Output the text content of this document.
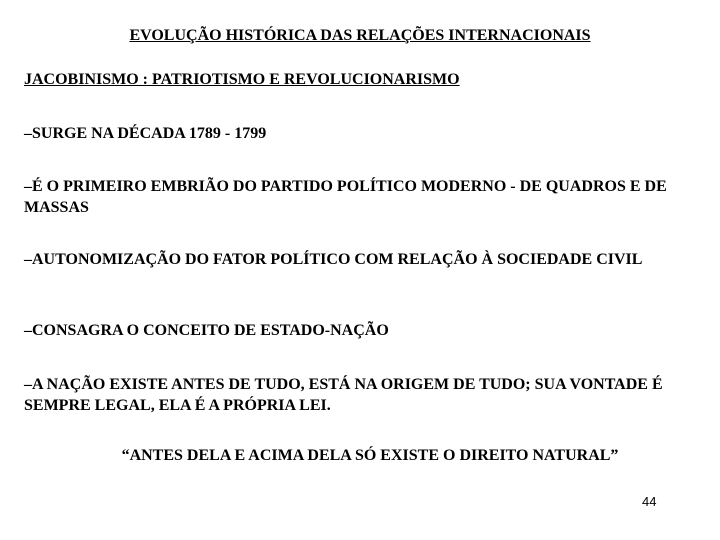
EVOLUÇÃO HISTÓRICA DAS RELAÇÕES INTERNACIONAIS
JACOBINISMO : PATRIOTISMO E REVOLUCIONARISMO
–SURGE NA DÉCADA 1789 - 1799
–É O PRIMEIRO EMBRIÃO DO PARTIDO POLÍTICO MODERNO - DE QUADROS E DE MASSAS
–AUTONOMIZAÇÃO DO FATOR POLÍTICO COM RELAÇÃO À SOCIEDADE CIVIL
–CONSAGRA O CONCEITO DE ESTADO-NAÇÃO
–A NAÇÃO EXISTE ANTES DE TUDO, ESTÁ NA ORIGEM DE TUDO; SUA VONTADE É SEMPRE LEGAL, ELA É A PRÓPRIA LEI.
“ANTES DELA E ACIMA DELA SÓ EXISTE O DIREITO NATURAL”
44
